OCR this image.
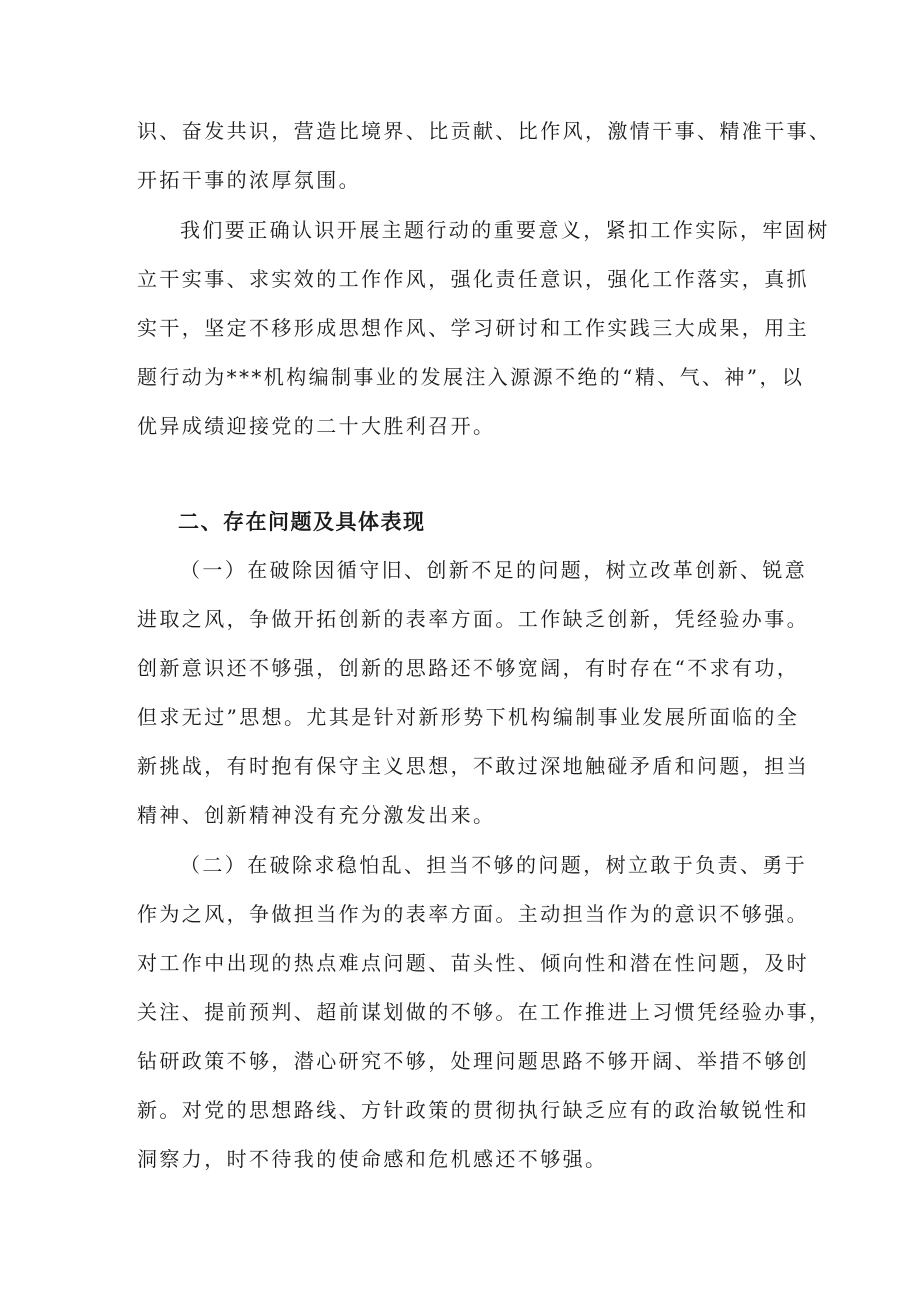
识、奋发共识，营造比境界、比贡献、比作风，激情干事、精准干事、
开拓干事的浓厚氛围。
我们要正确认识开展主题行动的重要意义，紧扣工作实际，牢固树
立干实事、求实效的工作作风，强化责任意识，强化工作落实，真抓
实干，坚定不移形成思想作风、学习研讨和工作实践三大成果，用主
题行动为***机构编制事业的发展注入源源不绝的“精、气、神”，以
优异成绩迎接党的二十大胜利召开。
二、存在问题及具体表现
（一）在破除因循守旧、创新不足的问题，树立改革创新、锐意
进取之风，争做开拓创新的表率方面。工作缺乏创新，凭经验办事。
创新意识还不够强，创新的思路还不够宽阔，有时存在“不求有功，
但求无过”思想。尤其是针对新形势下机构编制事业发展所面临的全
新挑战，有时抱有保守主义思想，不敢过深地触碰矛盾和问题，担当
精神、创新精神没有充分激发出来。
（二）在破除求稳怕乱、担当不够的问题，树立敢于负责、勇于
作为之风，争做担当作为的表率方面。主动担当作为的意识不够强。
对工作中出现的热点难点问题、苗头性、倾向性和潜在性问题，及时
关注、提前预判、超前谋划做的不够。在工作推进上习惯凭经验办事，
钻研政策不够，潜心研究不够，处理问题思路不够开阔、举措不够创
新。对党的思想路线、方针政策的贯彻执行缺乏应有的政治敏锐性和
洞察力，时不待我的使命感和危机感还不够强。
